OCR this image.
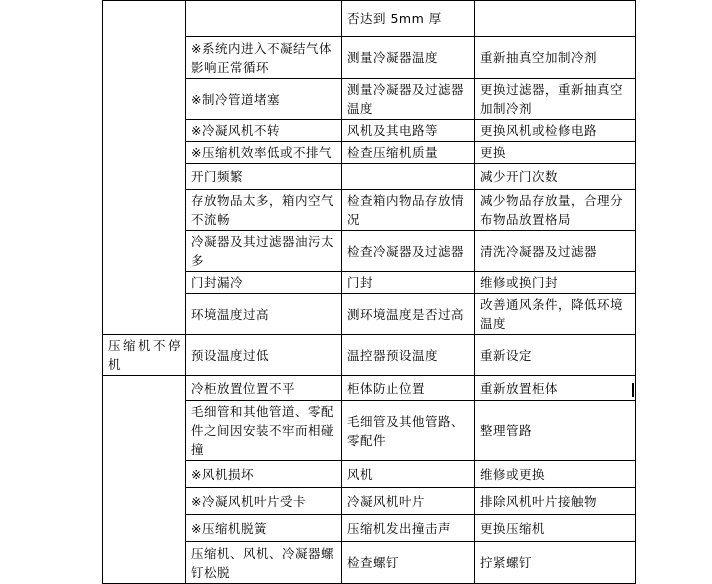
		否达到 5mm 厚	
	※系统内进入不凝结气体影响正常循环	测量冷凝器温度	重新抽真空加制冷剂
	※制冷管道堵塞	测量冷凝器及过滤器温度	更换过滤器，重新抽真空加制冷剂
	※冷凝风机不转	风机及其电路等	更换风机或检修电路
	※压缩机效率低或不排气	检查压缩机质量	更换
	开门频繁		减少开门次数
	存放物品太多，箱内空气不流畅	检查箱内物品存放情况	减少物品存放量，合理分布物品放置格局
	冷凝器及其过滤器油污太多	检查冷凝器及过滤器	清洗冷凝器及过滤器
	门封漏冷	门封	维修或换门封
	环境温度过高	测环境温度是否过高	改善通风条件，降低环境温度
压缩机不停机	预设温度过低	温控器预设温度	重新设定
	冷柜放置位置不平	柜体防止位置	重新放置柜体
	毛细管和其他管道、零配件之间因安装不牢而相碰撞	毛细管及其他管路、零配件	整理管路
	※风机损坏	风机	维修或更换
	※冷凝风机叶片受卡	冷凝风机叶片	排除风机叶片接触物
	※压缩机脱簧	压缩机发出撞击声	更换压缩机
	压缩机、风机、冷凝器螺钉松脱	检查螺钉	拧紧螺钉
